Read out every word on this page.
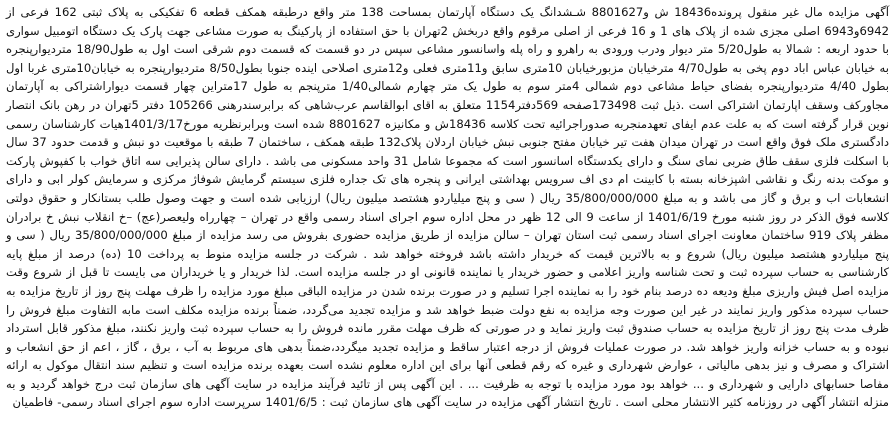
آگهی مزایده مال غیر منقول پرونده18436 ش و8801627 شـشدانگ یک دستگاه آپارتمان بمساحت 138 متر واقع درطبقه همکف قطعه 6 تفکیکی به پلاک ثبتی 162 فرعی از 6942و6943 اصلی مجزی شده از پلاک های 1 و 16 فرعی از اصلی مرقوم واقع دربخش 2تهران با حق استفاده از پارکینگ به صورت مشاعی جهت پارک یک دستگاه اتومبیل سواری با حدود اربعه : شمالا به طول5/20 متر دیوار ودرب ورودی به راهرو و راه پله واسانسور مشاعی سپس در دو قسمت که قسمت دوم شرقی است اول به طول18/90 متردیوارپنجره به خیابان عباس اباد دوم پخی به طول4/70 مترخیابان مزبورخیابان 10متری سابق و11متری فعلی و12متری اصلاحی اینده جنوبا بطول8/50 متردیوارپنجره به خیابان10متری غربا اول بطول 4/40 متردیوارپنجره بفضای حیاط مشاعی دوم شمالی 4متر سوم به طول یک متر چهارم شمالی1/40 مترپنجم به طول 17متراین چهار قسمت دیواراشتراکی به آپارتمان مجاورکف وسقف اپارتمان اشتراکی است .ذیل ثبت 173498صفحه 569دفتر1154 متعلق به اقای ابوالقاسم عرب‌شاهی که برابرسندرهنی 105266 دفتر 5تهران در رهن بانک انتصار نوین قرار گرفته است که به علت عدم ایفای تعهدمنجربه صدوراجرائیه تحت کلاسه 18436ش و مکانیزه 8801627 شده است وبرابرنظریه مورخ1401/3/17هیات کارشناسان رسمی دادگستری ملک فوق واقع است در تهران میدان هفت تیر خیابان مفتح جنوبی نبش خیابان اردلان پلاک132 طبقه همکف ، ساختمان 7 طبقه با موقعیت دو نبش و قدمت حدود 37 سال با اسکلت فلزی سقف طاق ضربی نمای سنگ و دارای یکدستگاه اسانسور است که مجموعا شامل 31 واحد مسکونی می باشد . دارای سالن پذیرایی سه اتاق خواب با کفپوش پارکت و موکت بدنه رنگ و نقاشی اشپزخانه بسته با کابینت ام دی اف سرویس بهداشتی ایرانی و پنجره های تک جداره فلزی سیستم گرمایش شوفاژ مرکزی و سرمایش کولر ابی و دارای انشعابات اب و برق و گاز می باشد و به مبلغ 35/800/000/000 ریال ( سی و پنج میلیاردو هشتصد میلیون ریال) ارزیابی شده است و جهت وصول طلب بستانکار و حقوق دولتی کلاسه فوق الذکر در روز شنبه مورخ 1401/6/19 از ساعت 9 الی 12 ظهر در محل اداره سوم اجرای اسناد رسمی واقع در تهران – چهارراه ولیعصر(عج) –خ انقلاب نبش خ برادران مظفر پلاک 919 ساختمان معاونت اجرای اسناد رسمی ثبت استان تهران – سالن مزایده از طریق مزایده حضوری بفروش می رسد مزایده از مبلغ 35/800/000/000 ریال ( سی و پنج میلیاردو هشتصد میلیون ریال) شروع و به بالاترین قیمت که خریدار داشته باشد فروخته خواهد شد . شرکت در جلسه مزایده منوط به پرداخت 10 (ده) درصد از مبلغ پایه کارشناسی به حساب سپرده ثبت و تحت شناسه واریز اعلامی و حضور خریدار یا نماینده قانونی او در جلسه مزایده است. لذا خریدار و یا خریداران می بایست تا قبل از شروع وقت مزایده اصل فیش واریزی مبلغ ودیعه ده درصد بنام خود را به نماینده اجرا تسلیم و در صورت برنده شدن در مزایده الباقی مبلغ مورد مزایده را ظرف مهلت پنج روز از تاریخ مزایده به حساب سپرده مذکور واریز نمایند در غیر این صورت وجه مزایده به نفع دولت ضبط خواهد شد و مزایده تجدید می‌گردد، ضمناً برنده مزایده مکلف است مابه التفاوت مبلغ فروش را ظرف مدت پنج روز از تاریخ مزایده به حساب صندوق ثبت واریز نماید و در صورتی که ظرف مهلت مقرر مانده فروش را به حساب سپرده ثبت واریز نکنند، مبلغ مذکور قابل استرداد نبوده و به حساب خزانه واریز خواهد شد. در صورت عملیات فروش از درجه اعتبار ساقط و مزایده تجدید میگردد،ضمناً بدهی های مربوط به آب ، برق ، گاز ، اعم از حق انشعاب و اشتراک و مصرف و نیز بدهی مالیاتی ، عوارض شهرداری و غیره که رقم قطعی آنها برای این اداره معلوم نشده است بعهده برنده مزایده است و تنظیم سند انتقال موکول به ارائه مفاصا حسابهای دارایی و شهرداری و ... خواهد بود مورد مزایده با توجه به ظرفیت ... . این آگهی پس از تائید فرآیند مزایده در سایت آگهی های سازمان ثبت درج خواهد گردید و به منزله انتشار آگهی در روزنامه کثیر الانتشار محلی است . تاریخ انتشار آگهی مزایده در سایت آگهی های سازمان ثبت : 1401/6/5 سرپرست اداره سوم اجرای اسناد رسمی- فاطمیان
